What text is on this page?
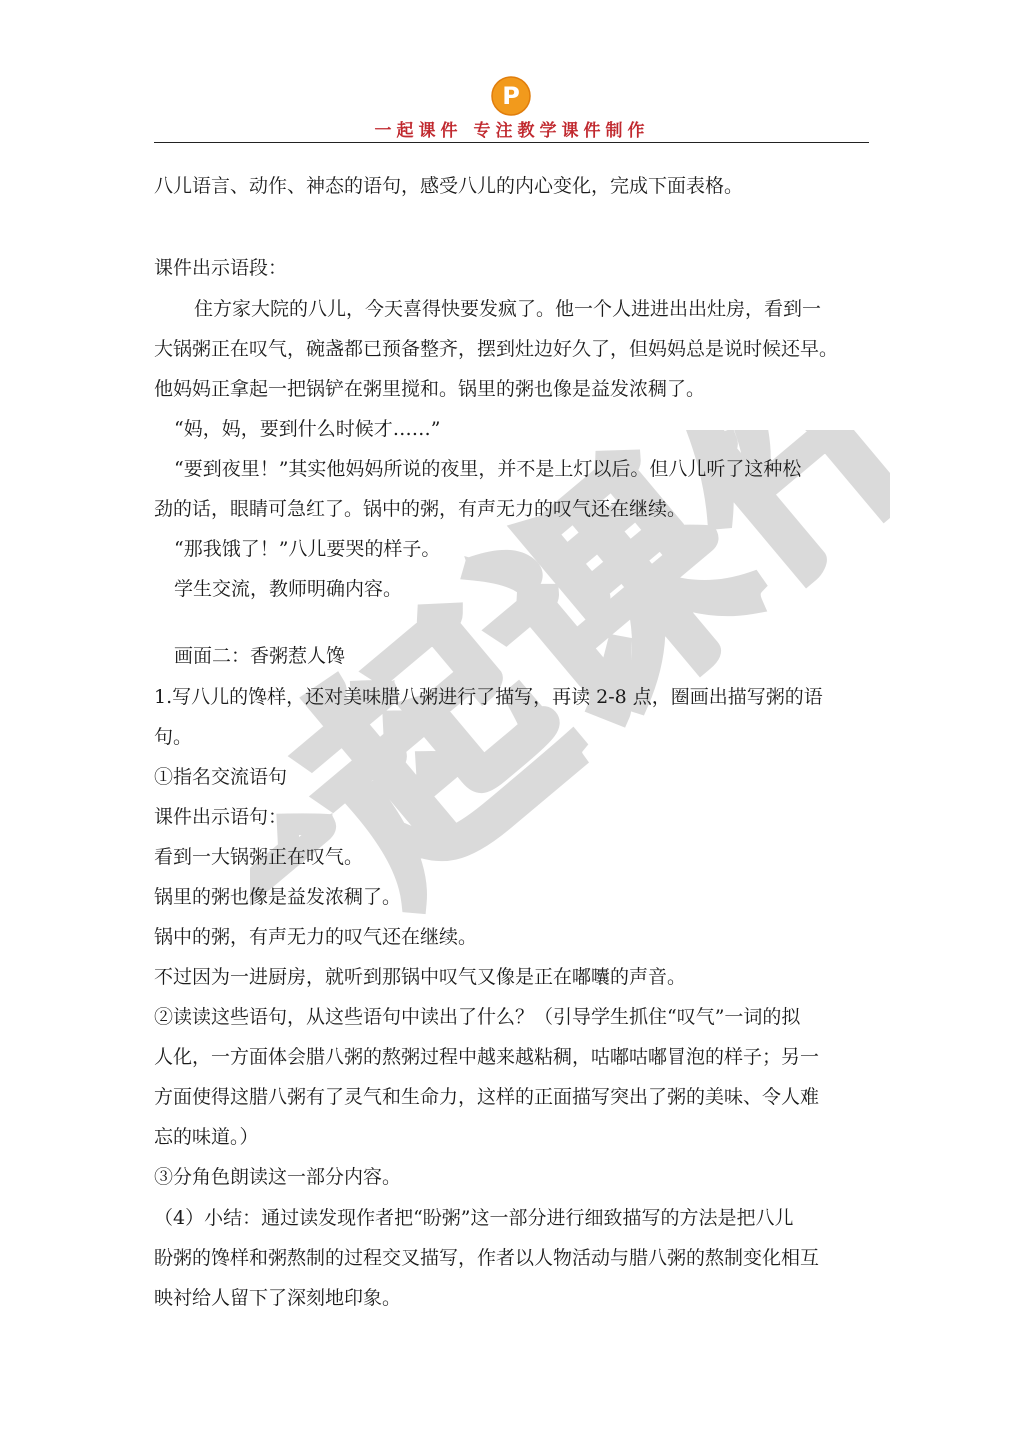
P
一起课件 专注教学课件制作
一起课件
八儿语言、动作、神态的语句，感受八儿的内心变化，完成下面表格。
课件出示语段：
住方家大院的八儿，今天喜得快要发疯了。他一个人进进出出灶房，看到一
大锅粥正在叹气，碗盏都已预备整齐，摆到灶边好久了，但妈妈总是说时候还早。
他妈妈正拿起一把锅铲在粥里搅和。锅里的粥也像是益发浓稠了。
“妈，妈，要到什么时候才……”
“要到夜里！”其实他妈妈所说的夜里，并不是上灯以后。但八儿听了这种松
劲的话，眼睛可急红了。锅中的粥，有声无力的叹气还在继续。
“那我饿了！”八儿要哭的样子。
学生交流，教师明确内容。
画面二：香粥惹人馋
1.写八儿的馋样，还对美味腊八粥进行了描写，再读 2-8 点，圈画出描写粥的语
句。
①指名交流语句
课件出示语句：
看到一大锅粥正在叹气。
锅里的粥也像是益发浓稠了。
锅中的粥，有声无力的叹气还在继续。
不过因为一进厨房，就听到那锅中叹气又像是正在嘟囔的声音。
②读读这些语句，从这些语句中读出了什么？（引导学生抓住“叹气”一词的拟
人化，一方面体会腊八粥的熬粥过程中越来越粘稠，咕嘟咕嘟冒泡的样子；另一
方面使得这腊八粥有了灵气和生命力，这样的正面描写突出了粥的美味、令人难
忘的味道。）
③分角色朗读这一部分内容。
（4）小结：通过读发现作者把“盼粥”这一部分进行细致描写的方法是把八儿
盼粥的馋样和粥熬制的过程交叉描写，作者以人物活动与腊八粥的熬制变化相互
映衬给人留下了深刻地印象。
